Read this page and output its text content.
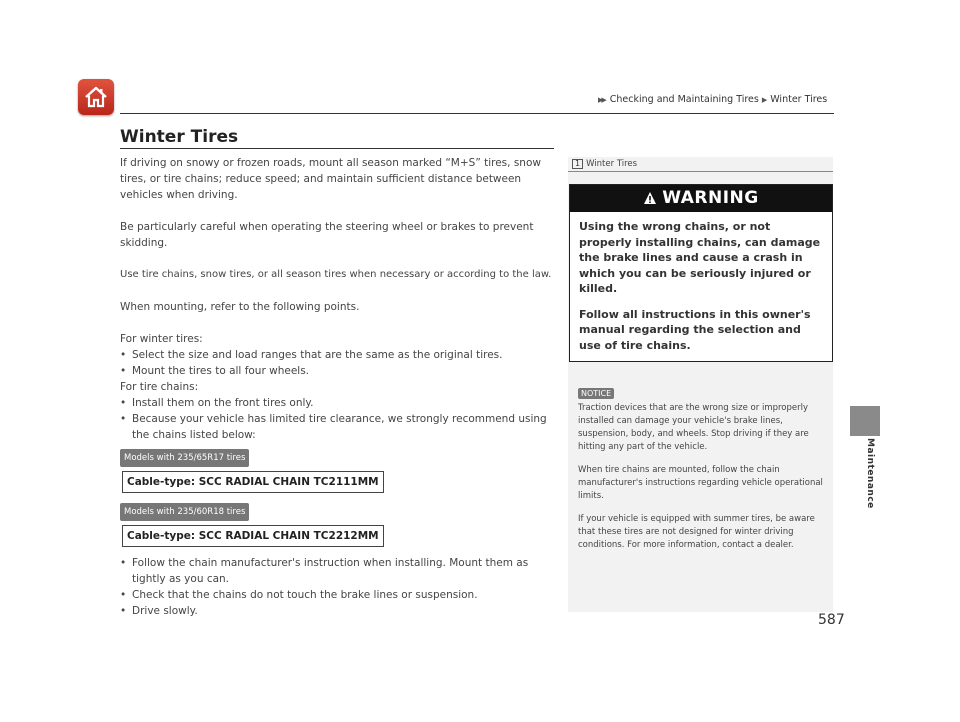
▶▶ Checking and Maintaining Tires ▶ Winter Tires
Winter Tires

If driving on snowy or frozen roads, mount all season marked “M+S” tires, snow tires, or tire chains; reduce speed; and maintain sufficient distance between vehicles when driving.

Be particularly careful when operating the steering wheel or brakes to prevent skidding.

Use tire chains, snow tires, or all season tires when necessary or according to the law.

When mounting, refer to the following points.

For winter tires:

• Select the size and load ranges that are the same as the original tires.
• Mount the tires to all four wheels.

For tire chains:

• Install them on the front tires only.
• Because your vehicle has limited tire clearance, we strongly recommend using the chains listed below:
Models with 235/65R17 tires
Cable-type: SCC RADIAL CHAIN TC2111MM
Models with 235/60R18 tires
Cable-type: SCC RADIAL CHAIN TC2212MM
• Follow the chain manufacturer's instruction when installing. Mount them as tightly as you can.
• Check that the chains do not touch the brake lines or suspension.
• Drive slowly.
1 Winter Tires
WARNING

Using the wrong chains, or not properly installing chains, can damage the brake lines and cause a crash in which you can be seriously injured or killed.

Follow all instructions in this owner's manual regarding the selection and use of tire chains.

NOTICE

Traction devices that are the wrong size or improperly installed can damage your vehicle's brake lines, suspension, body, and wheels. Stop driving if they are hitting any part of the vehicle.

When tire chains are mounted, follow the chain manufacturer's instructions regarding vehicle operational limits.

If your vehicle is equipped with summer tires, be aware that these tires are not designed for winter driving conditions. For more information, contact a dealer.

587
Maintenance
